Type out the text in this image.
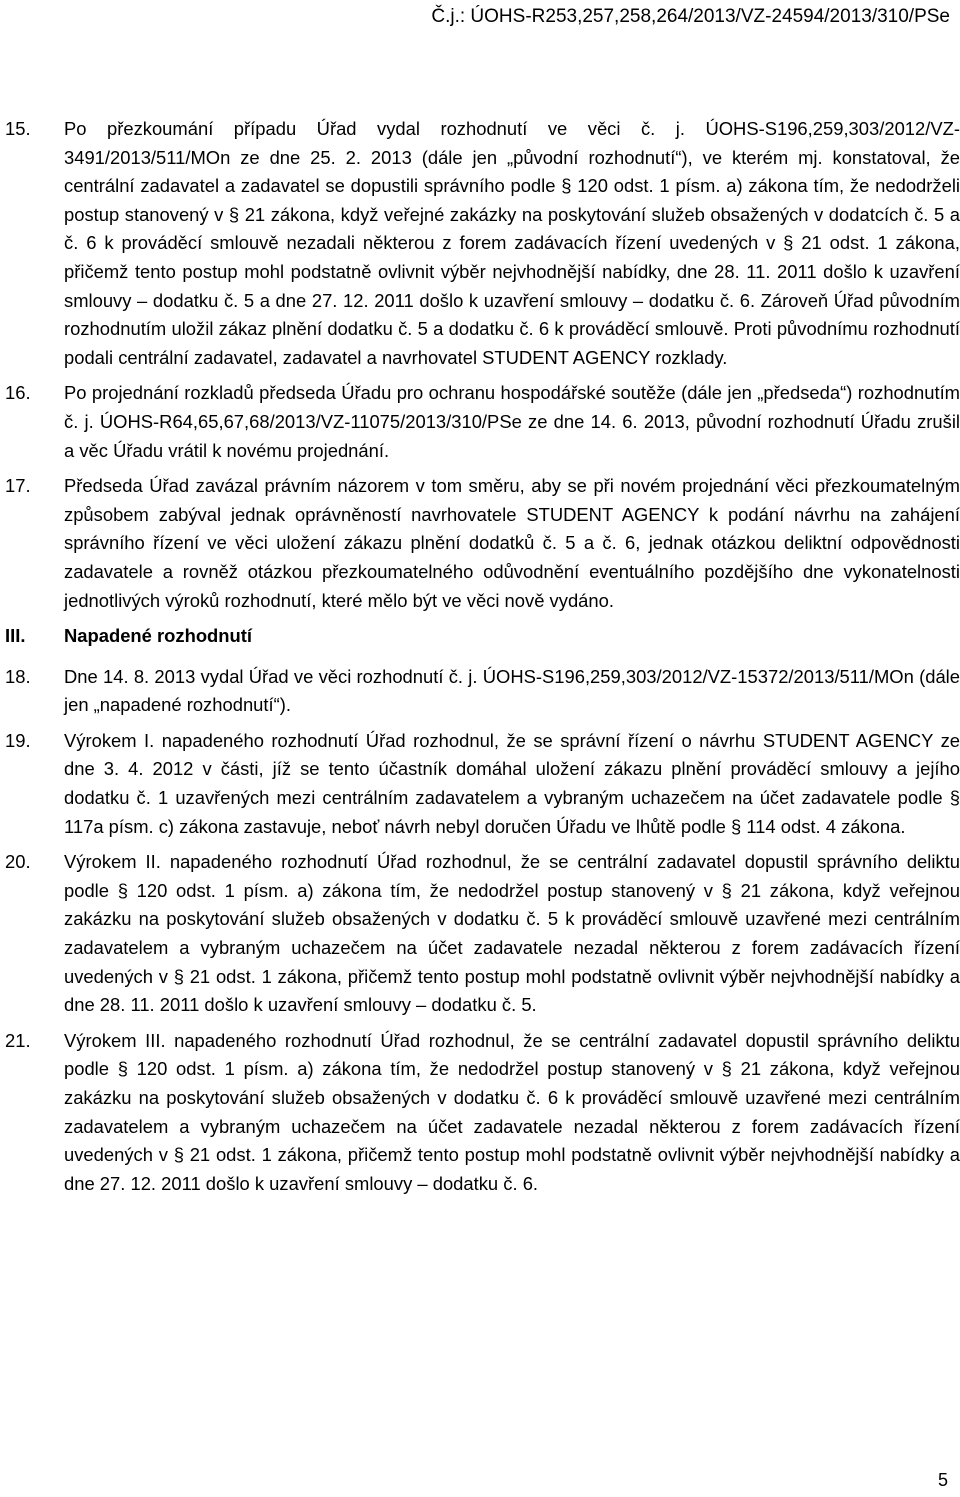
Č.j.: ÚOHS-R253,257,258,264/2013/VZ-24594/2013/310/PSe
15.	Po přezkoumání případu Úřad vydal rozhodnutí ve věci č. j. ÚOHS-S196,259,303/2012/VZ-3491/2013/511/MOn ze dne 25. 2. 2013 (dále jen „původní rozhodnutí“), ve kterém mj. konstatoval, že centrální zadavatel a zadavatel se dopustili správního podle § 120 odst. 1 písm. a) zákona tím, že nedodrželi postup stanovený v § 21 zákona, když veřejné zakázky na poskytování služeb obsažených v dodatcích č. 5 a č. 6 k prováděcí smlouvě nezadali některou z forem zadávacích řízení uvedených v § 21 odst. 1 zákona, přičemž tento postup mohl podstatně ovlivnit výběr nejvhodnější nabídky, dne 28. 11. 2011 došlo k uzavření smlouvy – dodatku č. 5 a dne 27. 12. 2011 došlo k uzavření smlouvy – dodatku č. 6. Zároveň Úřad původním rozhodnutím uložil zákaz plnění dodatku č. 5 a dodatku č. 6 k prováděcí smlouvě. Proti původnímu rozhodnutí podali centrální zadavatel, zadavatel a navrhovatel STUDENT AGENCY rozklady.
16.	Po projednání rozkladů předseda Úřadu pro ochranu hospodářské soutěže (dále jen „předseda“) rozhodnutím č. j. ÚOHS-R64,65,67,68/2013/VZ-11075/2013/310/PSe ze dne 14. 6. 2013, původní rozhodnutí Úřadu zrušil a věc Úřadu vrátil k novému projednání.
17.	Předseda Úřad zavázal právním názorem v tom směru, aby se při novém projednání věci přezkoumatelným způsobem zabýval jednak oprávněností navrhovatele STUDENT AGENCY k podání návrhu na zahájení správního řízení ve věci uložení zákazu plnění dodatků č. 5 a č. 6, jednak otázkou deliktní odpovědnosti zadavatele a rovněž otázkou přezkoumatelného odůvodnění eventuálního pozdějšího dne vykonatelnosti jednotlivých výroků rozhodnutí, které mělo být ve věci nově vydáno.
III.	Napadené rozhodnutí
18.	Dne 14. 8. 2013 vydal Úřad ve věci rozhodnutí č. j. ÚOHS-S196,259,303/2012/VZ-15372/2013/511/MOn (dále jen „napadené rozhodnutí“).
19.	Výrokem I. napadeného rozhodnutí Úřad rozhodnul, že se správní řízení o návrhu STUDENT AGENCY ze dne 3. 4. 2012 v části, jíž se tento účastník domáhal uložení zákazu plnění prováděcí smlouvy a jejího dodatku č. 1 uzavřených mezi centrálním zadavatelem a vybraným uchazečem na účet zadavatele podle § 117a písm. c) zákona zastavuje, neboť návrh nebyl doručen Úřadu ve lhůtě podle § 114 odst. 4 zákona.
20.	Výrokem II. napadeného rozhodnutí Úřad rozhodnul, že se centrální zadavatel dopustil správního deliktu podle § 120 odst. 1 písm. a) zákona tím, že nedodržel postup stanovený v § 21 zákona, když veřejnou zakázku na poskytování služeb obsažených v dodatku č. 5 k prováděcí smlouvě uzavřené mezi centrálním zadavatelem a vybraným uchazečem na účet zadavatele nezadal některou z forem zadávacích řízení uvedených v § 21 odst. 1 zákona, přičemž tento postup mohl podstatně ovlivnit výběr nejvhodnější nabídky a dne 28. 11. 2011 došlo k uzavření smlouvy – dodatku č. 5.
21.	Výrokem III. napadeného rozhodnutí Úřad rozhodnul, že se centrální zadavatel dopustil správního deliktu podle § 120 odst. 1 písm. a) zákona tím, že nedodržel postup stanovený v § 21 zákona, když veřejnou zakázku na poskytování služeb obsažených v dodatku č. 6 k prováděcí smlouvě uzavřené mezi centrálním zadavatelem a vybraným uchazečem na účet zadavatele nezadal některou z forem zadávacích řízení uvedených v § 21 odst. 1 zákona, přičemž tento postup mohl podstatně ovlivnit výběr nejvhodnější nabídky a dne 27. 12. 2011 došlo k uzavření smlouvy – dodatku č. 6.
5
